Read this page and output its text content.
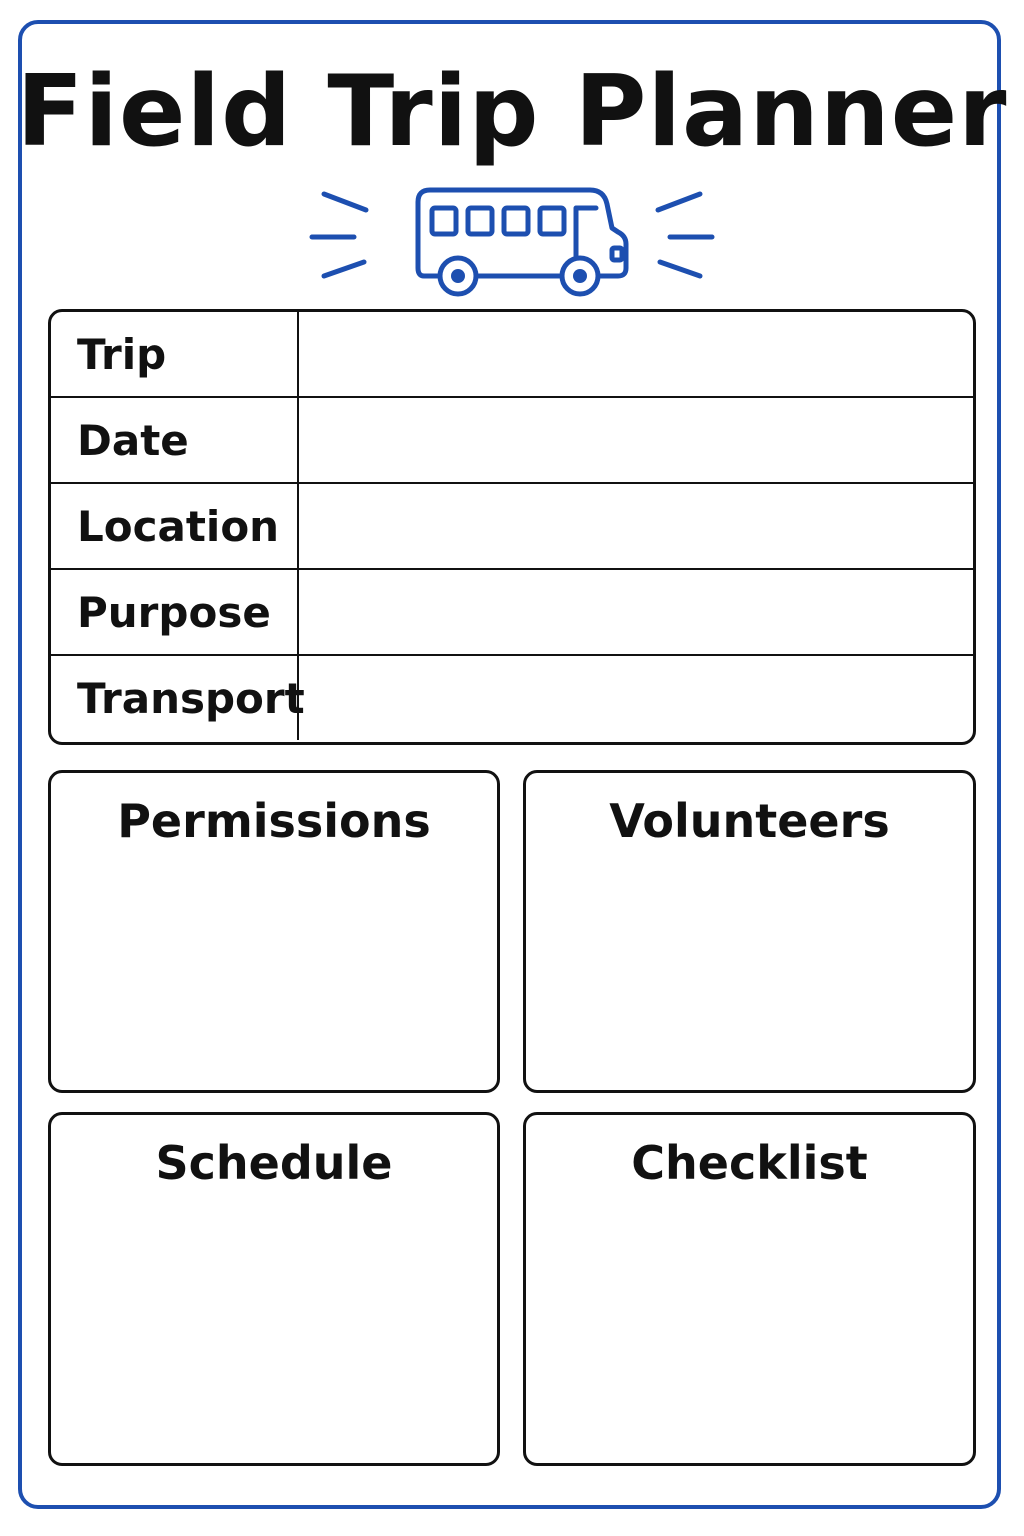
Field Trip Planner
Trip
Date
Location
Purpose
Transport
Permissions	Volunteers
Schedule	Checklist
